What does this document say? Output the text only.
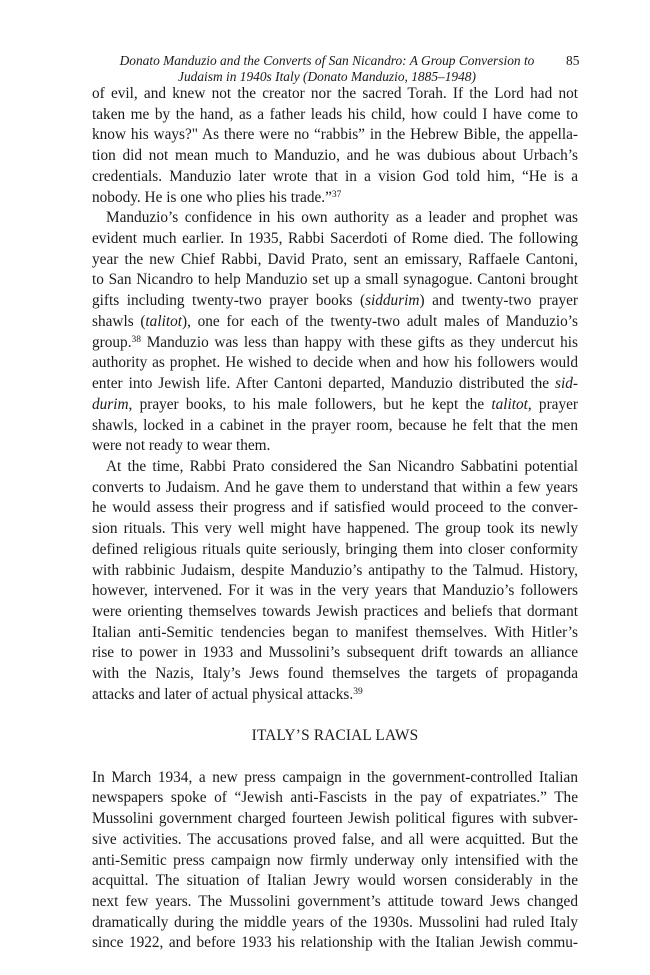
Donato Manduzio and the Converts of San Nicandro: A Group Conversion to
Judaism in 1940s Italy (Donato Manduzio, 1885–1948)
85
of evil, and knew not the creator nor the sacred Torah. If the Lord had not
taken me by the hand, as a father leads his child, how could I have come to
know his ways?" As there were no “rabbis” in the Hebrew Bible, the appella-
tion did not mean much to Manduzio, and he was dubious about Urbach’s
credentials. Manduzio later wrote that in a vision God told him, “He is a
nobody. He is one who plies his trade.”$^{37}$
Manduzio’s confidence in his own authority as a leader and prophet was
evident much earlier. In 1935, Rabbi Sacerdoti of Rome died. The following
year the new Chief Rabbi, David Prato, sent an emissary, Raffaele Cantoni,
to San Nicandro to help Manduzio set up a small synagogue. Cantoni brought
gifts including twenty-two prayer books (siddurim) and twenty-two prayer
shawls (talitot), one for each of the twenty-two adult males of Manduzio’s
group.$^{38}$ Manduzio was less than happy with these gifts as they undercut his
authority as prophet. He wished to decide when and how his followers would
enter into Jewish life. After Cantoni departed, Manduzio distributed the sid-
durim, prayer books, to his male followers, but he kept the talitot, prayer
shawls, locked in a cabinet in the prayer room, because he felt that the men
were not ready to wear them.
At the time, Rabbi Prato considered the San Nicandro Sabbatini potential
converts to Judaism. And he gave them to understand that within a few years
he would assess their progress and if satisfied would proceed to the conver-
sion rituals. This very well might have happened. The group took its newly
defined religious rituals quite seriously, bringing them into closer conformity
with rabbinic Judaism, despite Manduzio’s antipathy to the Talmud. History,
however, intervened. For it was in the very years that Manduzio’s followers
were orienting themselves towards Jewish practices and beliefs that dormant
Italian anti-Semitic tendencies began to manifest themselves. With Hitler’s
rise to power in 1933 and Mussolini’s subsequent drift towards an alliance
with the Nazis, Italy’s Jews found themselves the targets of propaganda
attacks and later of actual physical attacks.$^{39}$
ITALY’S RACIAL LAWS
In March 1934, a new press campaign in the government-controlled Italian
newspapers spoke of “Jewish anti-Fascists in the pay of expatriates.” The
Mussolini government charged fourteen Jewish political figures with subver-
sive activities. The accusations proved false, and all were acquitted. But the
anti-Semitic press campaign now firmly underway only intensified with the
acquittal. The situation of Italian Jewry would worsen considerably in the
next few years. The Mussolini government’s attitude toward Jews changed
dramatically during the middle years of the 1930s. Mussolini had ruled Italy
since 1922, and before 1933 his relationship with the Italian Jewish commu-
